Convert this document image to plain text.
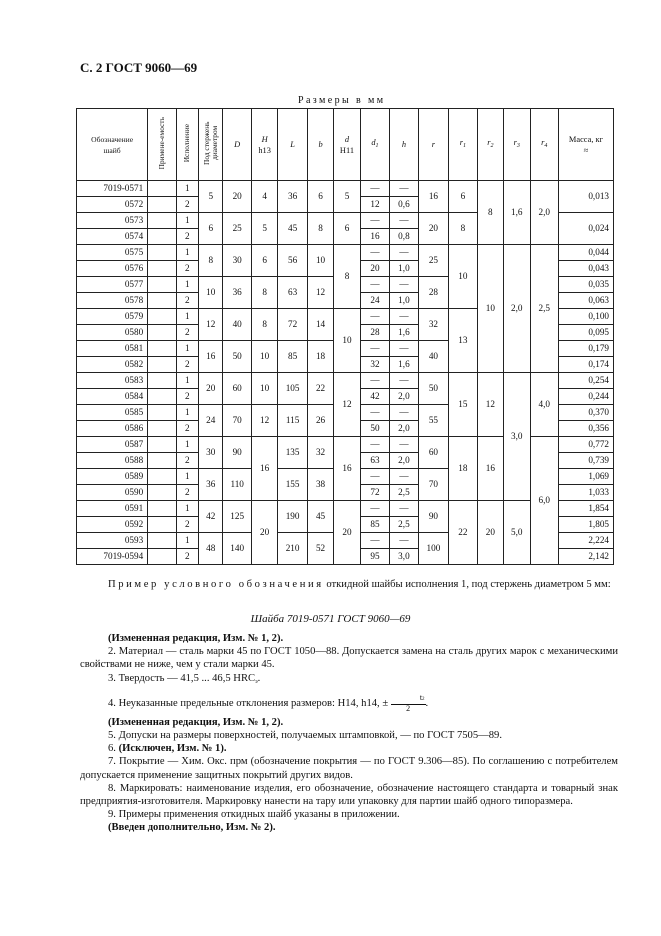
С. 2 ГОСТ 9060—69
Размеры в мм
Обозначение шайб	Примене-емость	Исполнение	Под стержень диаметром	D	H
h13	L	b	d
H11	$d_1$	h	r	$r_1$	$r_2$	$r_3$	$r_4$	Масса, кг ≈
7019-0571		1	5	20	4	36	6	5	—	—	16	6	8	1,6	2,0	0,013
0572		2							12	0,6						
0573		1	6	25	5	45	8	6	—	—	20	8				0,024
0574		2							16	0,8						
0575		1	8	30	6	56	10	8	—	—	25	10	10	2,0	2,5	0,044
0576		2							20	1,0						0,043
0577		1	10	36	8	63	12		—	—	28					0,035
0578		2							24	1,0						0,063
0579		1	12	40	8	72	14	10	—	—	32	13				0,100
0580		2							28	1,6						0,095
0581		1	16	50	10	85	18		—	—	40					0,179
0582		2							32	1,6						0,174
0583		1	20	60	10	105	22	12	—	—	50	15	12	3,0	4,0	0,254
0584		2							42	2,0						0,244
0585		1	24	70	12	115	26		—	—	55					0,370
0586		2							50	2,0						0,356
0587		1	30	90	16	135	32	16	—	—	60	18	16		6,0	0,772
0588		2							63	2,0						0,739
0589		1	36	110		155	38		—	—	70					1,069
0590		2							72	2,5						1,033
0591		1	42	125	20	190	45	20	—	—	90	22	20	5,0		1,854
0592		2							85	2,5						1,805
0593		1	48	140		210	52		—	—	100					2,224
7019-0594		2							95	3,0						2,142

Пример условного обозначения откидной шайбы исполнения 1, под стержень диаметром 5 мм:

Шайба 7019-0571 ГОСТ 9060—69

(Измененная редакция, Изм. № 1, 2).

2. Материал — сталь марки 45 по ГОСТ 1050—88. Допускается замена на сталь других марок с механическими свойствами не ниже, чем у стали марки 45.

3. Твердость — 41,5 ... 46,5 $HRC_э$.

4. Неуказанные предельные отклонения размеров: H14, h14, ± $\frac{t2}{2}$.

(Измененная редакция, Изм. № 1, 2).

5. Допуски на размеры поверхностей, получаемых штамповкой, — по ГОСТ 7505—89.

6. (Исключен, Изм. № 1).

7. Покрытие — Хим. Окс. прм (обозначение покрытия — по ГОСТ 9.306—85). По соглашению с потребителем допускается применение защитных покрытий других видов.

8. Маркировать: наименование изделия, его обозначение, обозначение настоящего стандарта и товарный знак предприятия-изготовителя. Маркировку нанести на тару или упаковку для партии шайб одного типоразмера.

9. Примеры применения откидных шайб указаны в приложении.

(Введен дополнительно, Изм. № 2).
